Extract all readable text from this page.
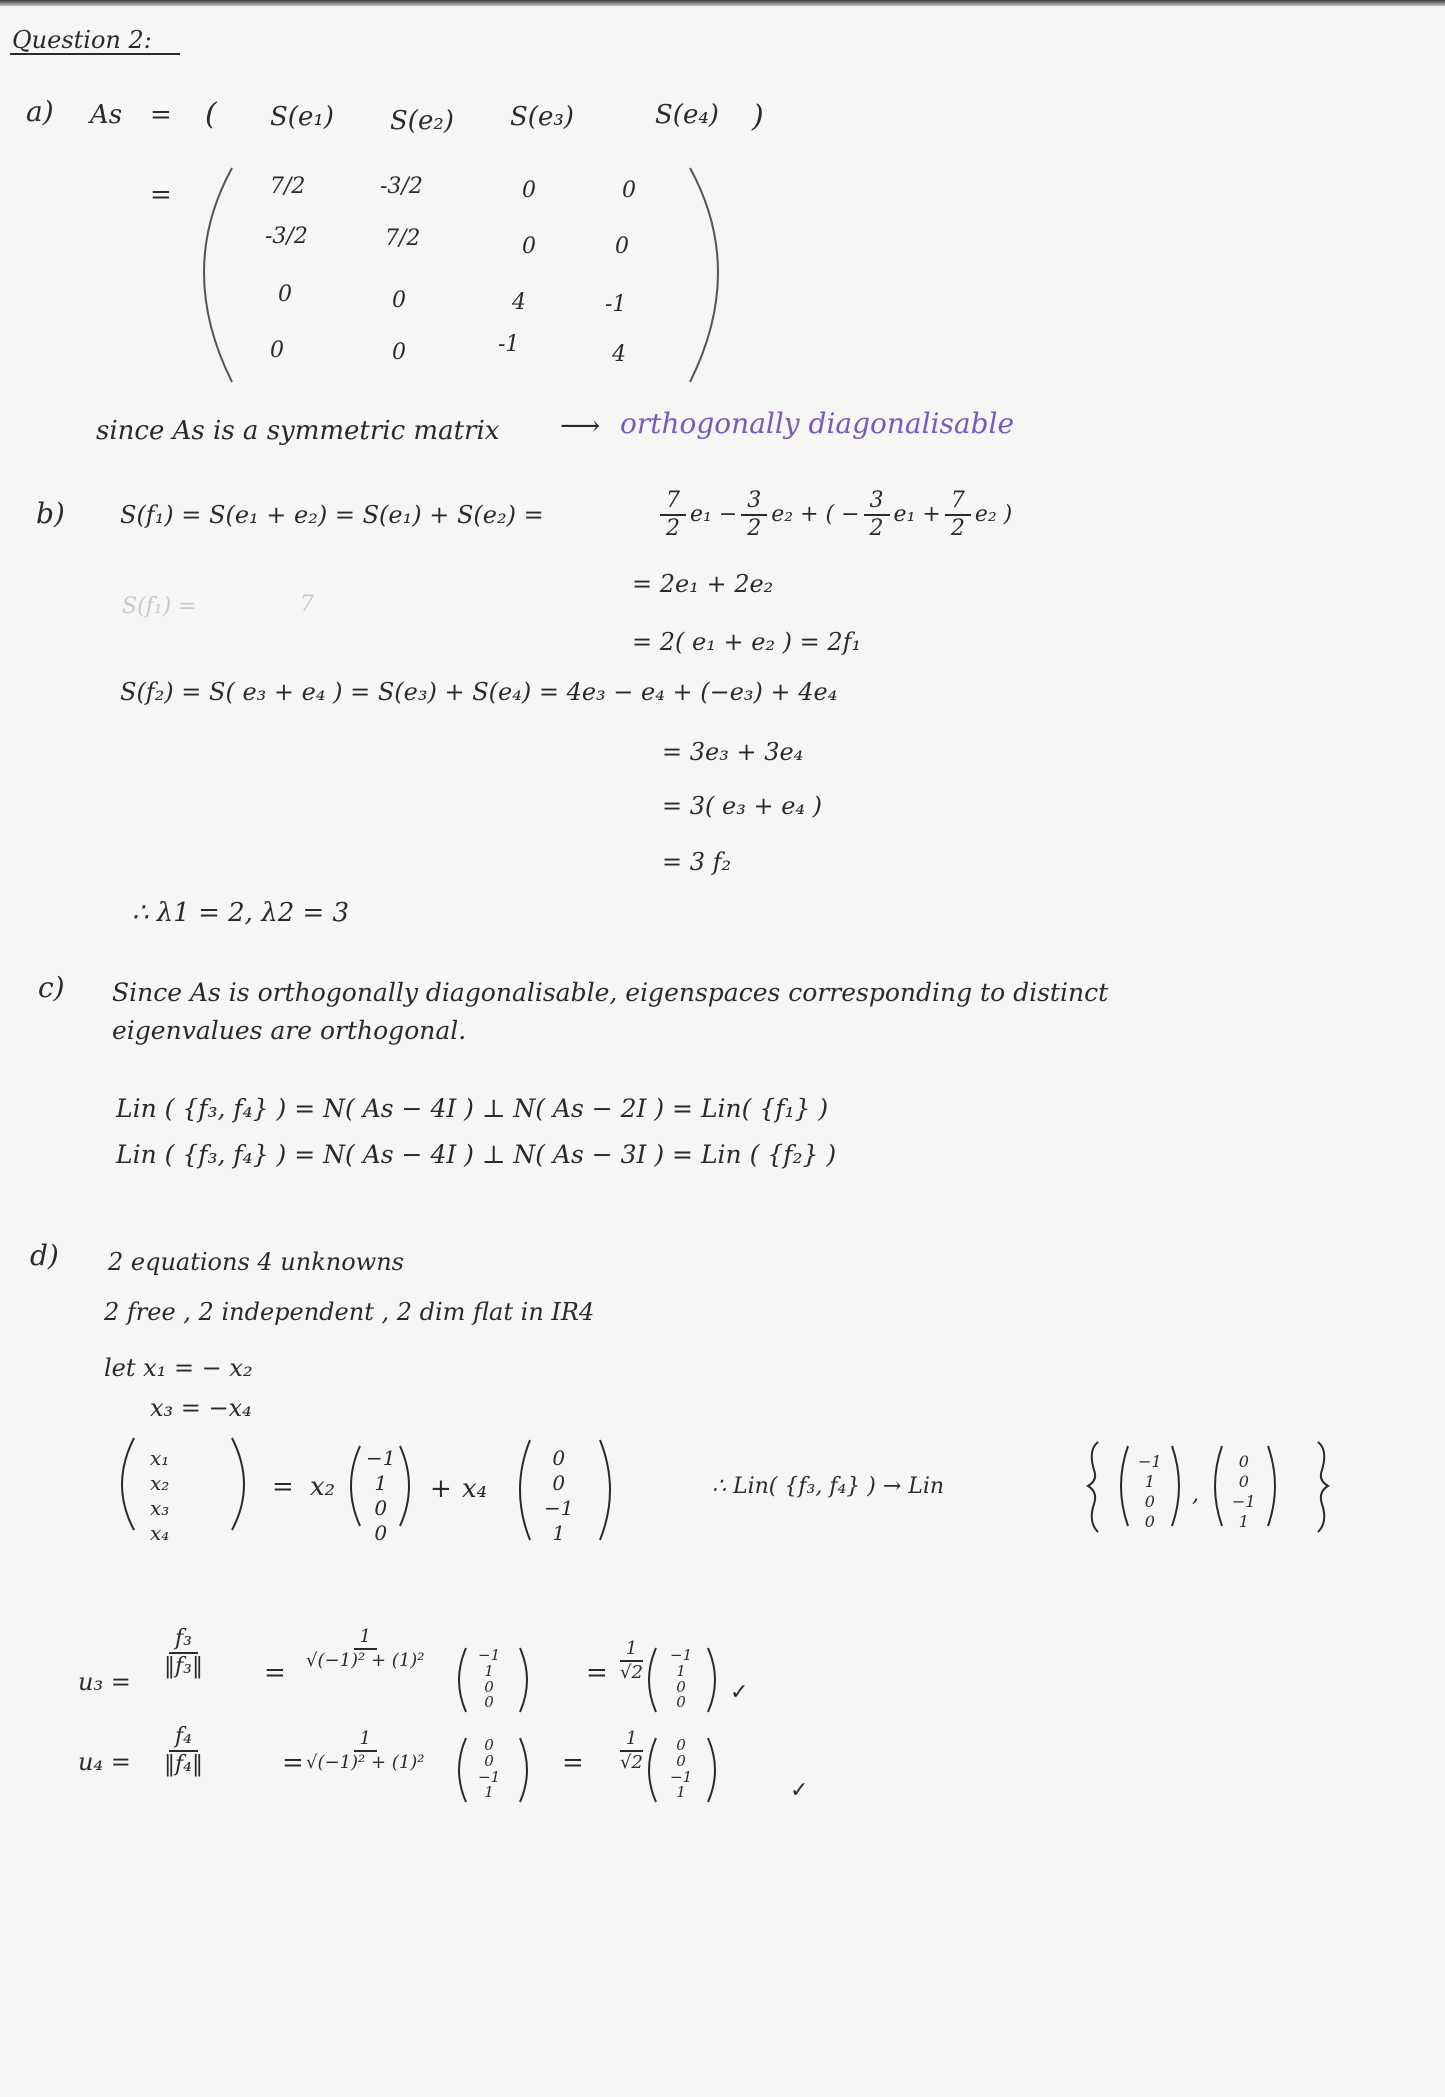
Question 2:
a) As = ( S(e₁) S(e₂) S(e₃)	S(e₄) )
=	7/2	-3/2	0	0
-3/2	7/2	0	0
0	0	4	-1
0	0	-1	4
since As is a symmetric matrix ⟶ orthogonally diagonalisable
b) S(f₁) = S(e₁ + e₂) = S(e₁) + S(e₂) =	$\frac{7}{2} e_1 - \frac{3}{2} e_2$ + ( − $\frac{3}{2} e_1 + \frac{7}{2} e_2$ )
= 2e₁ + 2e₂
S(f₁) =	7
= 2( e₁ + e₂ ) = 2f₁
S(f₂) = S( e₃ + e₄ ) = S(e₃) + S(e₄) = 4e₃ − e₄ + (−e₃) + 4e₄
= 3e₃ + 3e₄
= 3( e₃ + e₄ )
= 3 f₂
∴ λ1 = 2, λ2 = 3
c) Since As is orthogonally diagonalisable, eigenspaces corresponding to distinct
eigenvalues are orthogonal.
Lin ( {f₃, f₄} ) = N( As − 4I ) ⊥ N( As − 2I ) = Lin( {f₁} )
Lin ( {f₃, f₄} ) = N( As − 4I ) ⊥ N( As − 3I ) = Lin ( {f₂} )
d) 2 equations 4 unknowns
2 free , 2 independent , 2 dim flat in IR4
let x₁ = − x₂
x₃ = −x₄
x₁
x₂
x₃
x₄
= x₂
−1
1
0
0
+ x₄
0
0
−1
1
∴ Lin( {f₃, f₄} ) → Lin
−1
1
0
0
,
0
0
−1
1
u₃ =
$\frac{\text{f₃}}{\text{‖f₃‖}}$ =
$\frac{1}{\text{√(−1)² + (1)²}}$	−1
1
0
0
= $\frac{1}{√2} -1$
1
0
0 ✓
$u_4 = \frac{\text{f₄}}{\text{‖f₄‖}}$	=
$\frac{1}{\text{√(−1)² + (1)²}}$	0
0
−1
1
= $\frac{1}{√2} 0$
0
−1
1	✓
